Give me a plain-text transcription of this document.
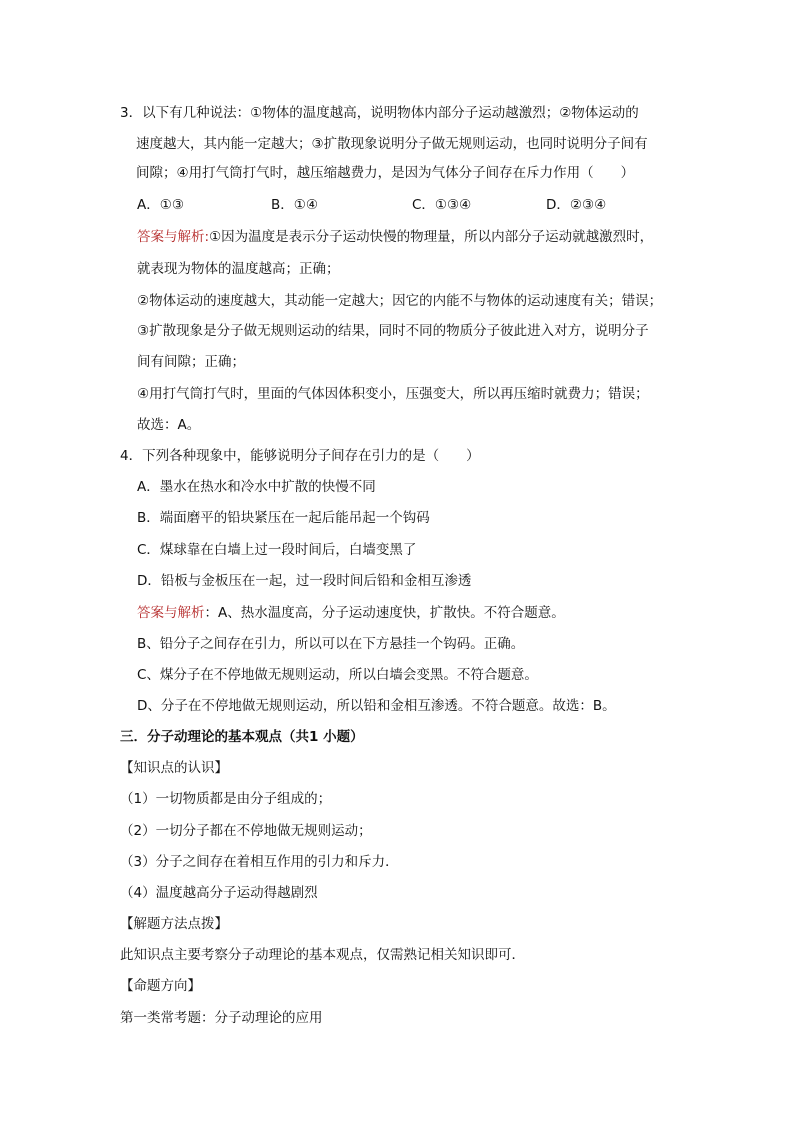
3．以下有几种说法：①物体的温度越高，说明物体内部分子运动越激烈；②物体运动的
速度越大，其内能一定越大；③扩散现象说明分子做无规则运动，也同时说明分子间有
间隙；④用打气筒打气时，越压缩越费力，是因为气体分子间存在斥力作用（　　）
A．①③	B．①④	C．①③④	D．②③④
答案与解析:①因为温度是表示分子运动快慢的物理量，所以内部分子运动就越激烈时，
就表现为物体的温度越高；正确；
②物体运动的速度越大，其动能一定越大；因它的内能不与物体的运动速度有关；错误；
③扩散现象是分子做无规则运动的结果，同时不同的物质分子彼此进入对方，说明分子
间有间隙；正确；
④用打气筒打气时，里面的气体因体积变小，压强变大，所以再压缩时就费力；错误；
故选：A。
4．下列各种现象中，能够说明分子间存在引力的是（　　）
A．墨水在热水和冷水中扩散的快慢不同
B．端面磨平的铅块紧压在一起后能吊起一个钩码
C．煤球靠在白墙上过一段时间后，白墙变黑了
D．铅板与金板压在一起，过一段时间后铅和金相互渗透
答案与解析：A、热水温度高，分子运动速度快，扩散快。不符合题意。
B、铅分子之间存在引力，所以可以在下方悬挂一个钩码。正确。
C、煤分子在不停地做无规则运动，所以白墙会变黑。不符合题意。
D、分子在不停地做无规则运动，所以铅和金相互渗透。不符合题意。故选：B。
三．分子动理论的基本观点（共1 小题）
【知识点的认识】
（1）一切物质都是由分子组成的；
（2）一切分子都在不停地做无规则运动；
（3）分子之间存在着相互作用的引力和斥力．
（4）温度越高分子运动得越剧烈
【解题方法点拨】
此知识点主要考察分子动理论的基本观点，仅需熟记相关知识即可．
【命题方向】
第一类常考题：分子动理论的应用
